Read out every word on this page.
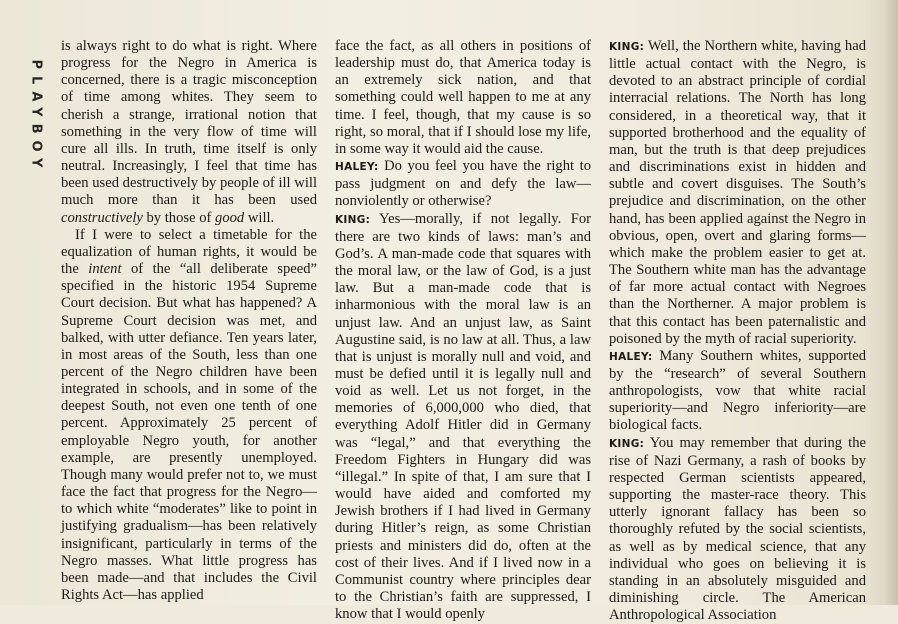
PLAYBOY

is always right to do what is right. Where progress for the Negro in America is concerned, there is a tragic misconception of time among whites. They seem to cherish a strange, irrational notion that something in the very flow of time will cure all ills. In truth, time itself is only neutral. Increasingly, I feel that time has been used destructively by people of ill will much more than it has been used constructively by those of good will.

If I were to select a timetable for the equalization of human rights, it would be the intent of the “all deliberate speed” specified in the historic 1954 Supreme Court decision. But what has happened? A Supreme Court decision was met, and balked, with utter defiance. Ten years later, in most areas of the South, less than one percent of the Negro children have been integrated in schools, and in some of the deepest South, not even one tenth of one percent. Approximately 25 percent of employable Negro youth, for another example, are presently unemployed. Though many would prefer not to, we must face the fact that progress for the Negro—to which white “moderates” like to point in justifying gradualism—has been relatively insignificant, particularly in terms of the Negro masses. What little progress has been made—and that includes the Civil Rights Act—has applied

face the fact, as all others in positions of leadership must do, that America today is an extremely sick nation, and that something could well happen to me at any time. I feel, though, that my cause is so right, so moral, that if I should lose my life, in some way it would aid the cause.

HALEY: Do you feel you have the right to pass judgment on and defy the law—nonviolently or otherwise?

KING: Yes—morally, if not legally. For there are two kinds of laws: man’s and God’s. A man-made code that squares with the moral law, or the law of God, is a just law. But a man-made code that is inharmonious with the moral law is an unjust law. And an unjust law, as Saint Augustine said, is no law at all. Thus, a law that is unjust is morally null and void, and must be defied until it is legally null and void as well. Let us not forget, in the memories of 6,000,000 who died, that everything Adolf Hitler did in Germany was “legal,” and that everything the Freedom Fighters in Hungary did was “illegal.” In spite of that, I am sure that I would have aided and comforted my Jewish brothers if I had lived in Germany during Hitler’s reign, as some Christian priests and ministers did do, often at the cost of their lives. And if I lived now in a Communist country where principles dear to the Christian’s faith are suppressed, I know that I would openly

KING: Well, the Northern white, having had little actual contact with the Negro, is devoted to an abstract principle of cordial interracial relations. The North has long considered, in a theoretical way, that it supported brotherhood and the equality of man, but the truth is that deep prejudices and discriminations exist in hidden and subtle and covert disguises. The South’s prejudice and discrimination, on the other hand, has been applied against the Negro in obvious, open, overt and glaring forms—which make the problem easier to get at. The Southern white man has the advantage of far more actual contact with Negroes than the Northerner. A major problem is that this contact has been paternalistic and poisoned by the myth of racial superiority.

HALEY: Many Southern whites, supported by the “research” of several Southern anthropologists, vow that white racial superiority—and Negro inferiority—are biological facts.

KING: You may remember that during the rise of Nazi Germany, a rash of books by respected German scientists appeared, supporting the master-race theory. This utterly ignorant fallacy has been so thoroughly refuted by the social scientists, as well as by medical science, that any individual who goes on believing it is standing in an absolutely misguided and diminishing circle. The American Anthropological Association
